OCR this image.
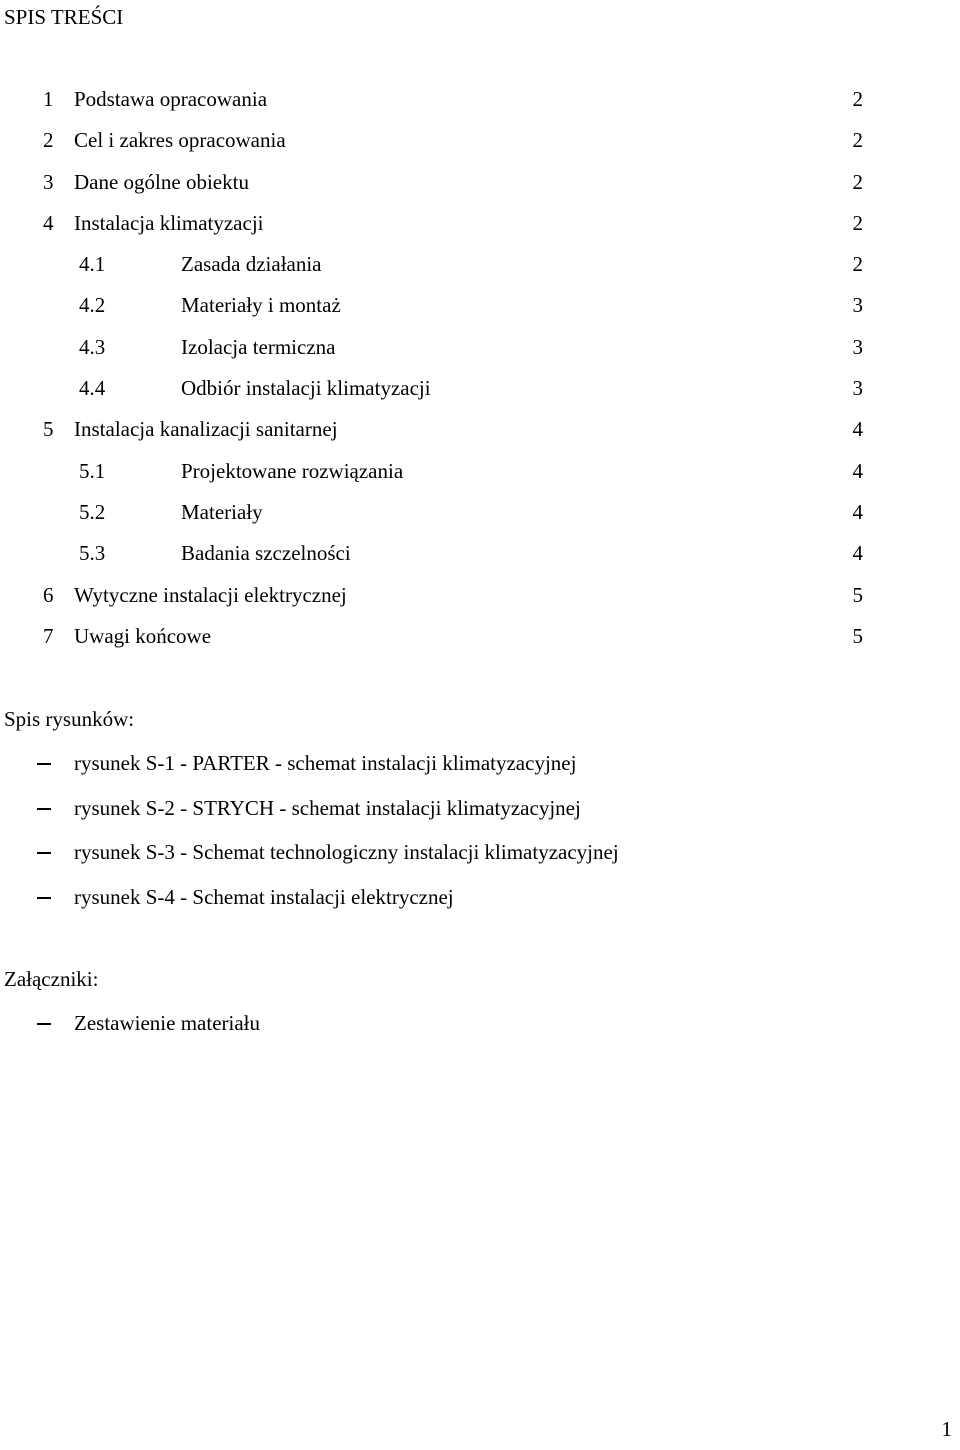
SPIS TREŚCI
1 Podstawa opracowania	2
2 Cel i zakres opracowania	2
3 Dane ogólne obiektu	2
4 Instalacja klimatyzacji	2
4.1	Zasada działania	2
4.2	Materiały i montaż	3
4.3	Izolacja termiczna	3
4.4	Odbiór instalacji klimatyzacji	3
5 Instalacja kanalizacji sanitarnej	4
5.1	Projektowane rozwiązania	4
5.2	Materiały	4
5.3	Badania szczelności	4
6 Wytyczne instalacji elektrycznej	5
7 Uwagi końcowe	5
Spis rysunków:
rysunek S-1 - PARTER - schemat instalacji klimatyzacyjnej
rysunek S-2 - STRYCH - schemat instalacji klimatyzacyjnej
rysunek S-3 - Schemat technologiczny instalacji klimatyzacyjnej
rysunek S-4 - Schemat instalacji elektrycznej
Załączniki:
Zestawienie materiału
1
